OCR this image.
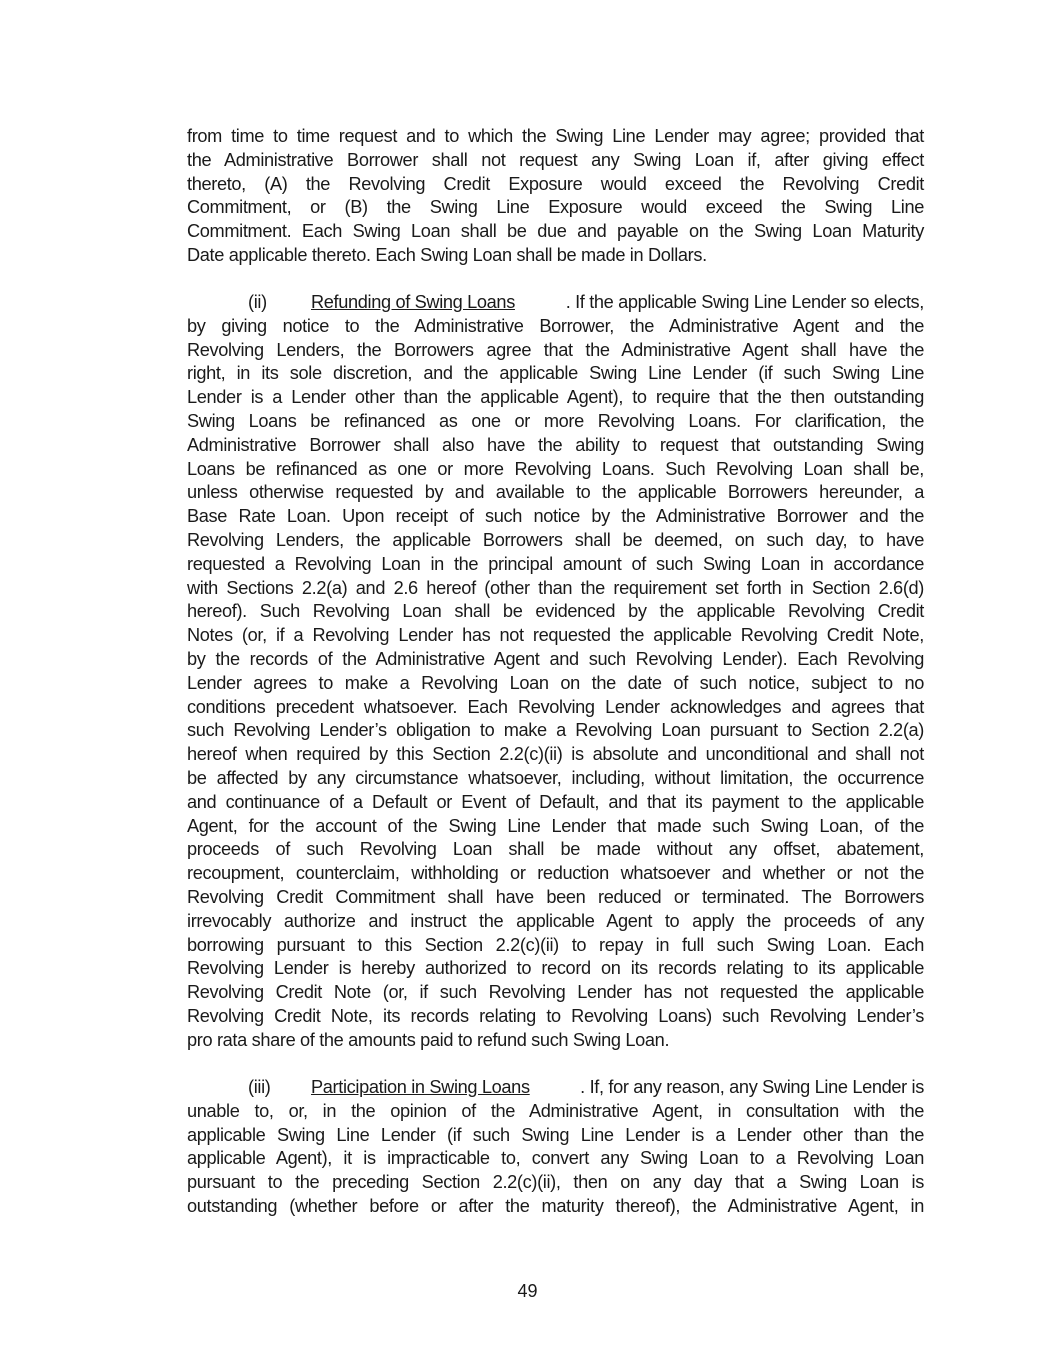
from time to time request and to which the Swing Line Lender may agree; provided that
the Administrative Borrower shall not request any Swing Loan if, after giving effect
thereto, (A) the Revolving Credit Exposure would exceed the Revolving Credit
Commitment, or (B) the Swing Line Exposure would exceed the Swing Line
Commitment. Each Swing Loan shall be due and payable on the Swing Loan Maturity
Date applicable thereto. Each Swing Loan shall be made in Dollars.
(ii) Refunding of Swing Loans	. If the applicable Swing Line Lender so elects,
by giving notice to the Administrative Borrower, the Administrative Agent and the
Revolving Lenders, the Borrowers agree that the Administrative Agent shall have the
right, in its sole discretion, and the applicable Swing Line Lender (if such Swing Line
Lender is a Lender other than the applicable Agent), to require that the then outstanding
Swing Loans be refinanced as one or more Revolving Loans. For clarification, the
Administrative Borrower shall also have the ability to request that outstanding Swing
Loans be refinanced as one or more Revolving Loans. Such Revolving Loan shall be,
unless otherwise requested by and available to the applicable Borrowers hereunder, a
Base Rate Loan. Upon receipt of such notice by the Administrative Borrower and the
Revolving Lenders, the applicable Borrowers shall be deemed, on such day, to have
requested a Revolving Loan in the principal amount of such Swing Loan in accordance
with Sections 2.2(a) and 2.6 hereof (other than the requirement set forth in Section 2.6(d)
hereof). Such Revolving Loan shall be evidenced by the applicable Revolving Credit
Notes (or, if a Revolving Lender has not requested the applicable Revolving Credit Note,
by the records of the Administrative Agent and such Revolving Lender). Each Revolving
Lender agrees to make a Revolving Loan on the date of such notice, subject to no
conditions precedent whatsoever. Each Revolving Lender acknowledges and agrees that
such Revolving Lender’s obligation to make a Revolving Loan pursuant to Section 2.2(a)
hereof when required by this Section 2.2(c)(ii) is absolute and unconditional and shall not
be affected by any circumstance whatsoever, including, without limitation, the occurrence
and continuance of a Default or Event of Default, and that its payment to the applicable
Agent, for the account of the Swing Line Lender that made such Swing Loan, of the
proceeds of such Revolving Loan shall be made without any offset, abatement,
recoupment, counterclaim, withholding or reduction whatsoever and whether or not the
Revolving Credit Commitment shall have been reduced or terminated. The Borrowers
irrevocably authorize and instruct the applicable Agent to apply the proceeds of any
borrowing pursuant to this Section 2.2(c)(ii) to repay in full such Swing Loan. Each
Revolving Lender is hereby authorized to record on its records relating to its applicable
Revolving Credit Note (or, if such Revolving Lender has not requested the applicable
Revolving Credit Note, its records relating to Revolving Loans) such Revolving Lender’s
pro rata share of the amounts paid to refund such Swing Loan.
(iii) Participation in Swing Loans	. If, for any reason, any Swing Line Lender is
unable to, or, in the opinion of the Administrative Agent, in consultation with the
applicable Swing Line Lender (if such Swing Line Lender is a Lender other than the
applicable Agent), it is impracticable to, convert any Swing Loan to a Revolving Loan
pursuant to the preceding Section 2.2(c)(ii), then on any day that a Swing Loan is
outstanding (whether before or after the maturity thereof), the Administrative Agent, in
49
